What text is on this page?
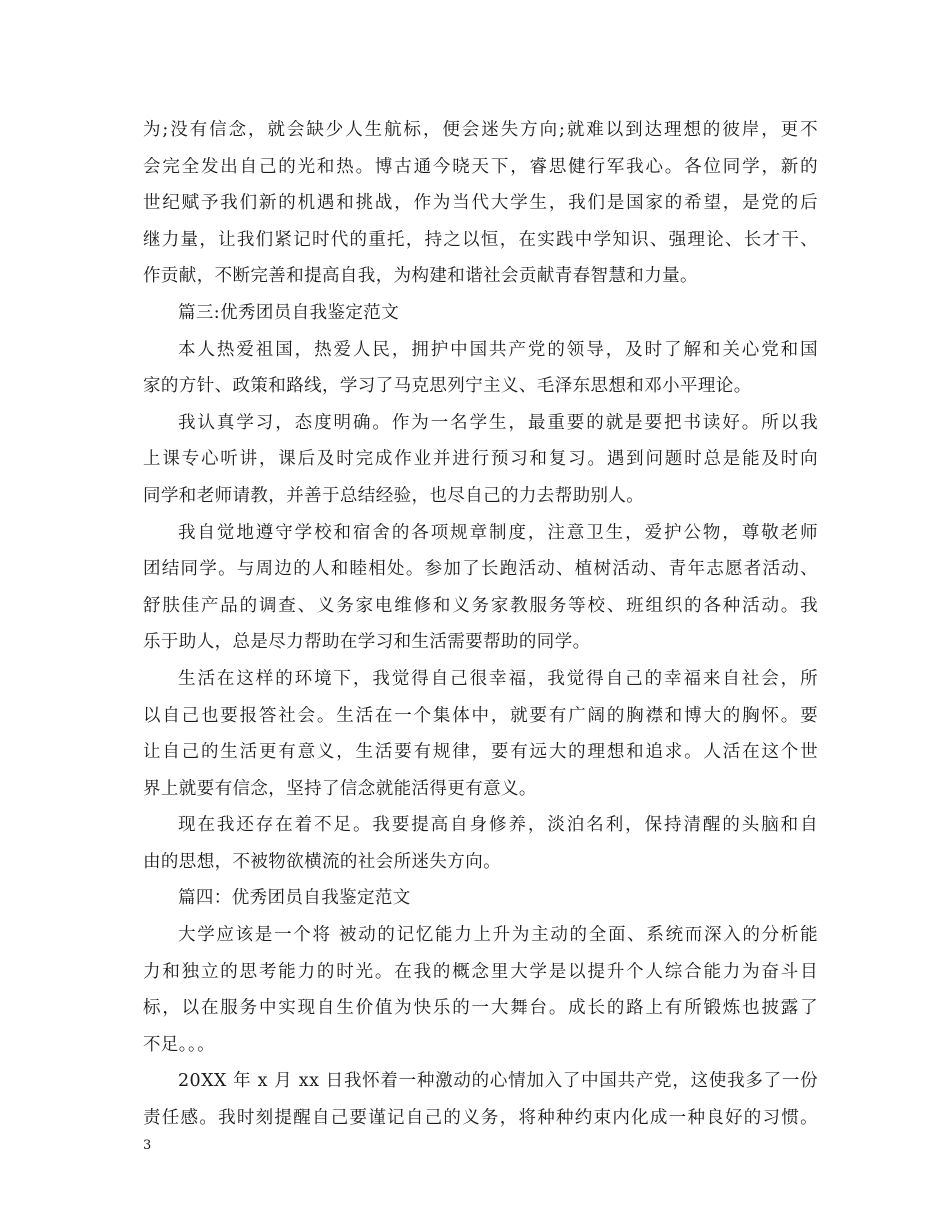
为;没有信念，就会缺少人生航标，便会迷失方向;就难以到达理想的彼岸，更不
会完全发出自己的光和热。博古通今晓天下，睿思健行军我心。各位同学，新的
世纪赋予我们新的机遇和挑战，作为当代大学生，我们是国家的希望，是党的后
继力量，让我们紧记时代的重托，持之以恒，在实践中学知识、强理论、长才干、
作贡献，不断完善和提高自我，为构建和谐社会贡献青春智慧和力量。
篇三:优秀团员自我鉴定范文
本人热爱祖国，热爱人民，拥护中国共产党的领导，及时了解和关心党和国
家的方针、政策和路线，学习了马克思列宁主义、毛泽东思想和邓小平理论。
我认真学习，态度明确。作为一名学生，最重要的就是要把书读好。所以我
上课专心听讲，课后及时完成作业并进行预习和复习。遇到问题时总是能及时向
同学和老师请教，并善于总结经验，也尽自己的力去帮助别人。
我自觉地遵守学校和宿舍的各项规章制度，注意卫生，爱护公物，尊敬老师
团结同学。与周边的人和睦相处。参加了长跑活动、植树活动、青年志愿者活动、
舒肤佳产品的调查、义务家电维修和义务家教服务等校、班组织的各种活动。我
乐于助人，总是尽力帮助在学习和生活需要帮助的同学。
生活在这样的环境下，我觉得自己很幸福，我觉得自己的幸福来自社会，所
以自己也要报答社会。生活在一个集体中，就要有广阔的胸襟和博大的胸怀。要
让自己的生活更有意义，生活要有规律，要有远大的理想和追求。人活在这个世
界上就要有信念，坚持了信念就能活得更有意义。
现在我还存在着不足。我要提高自身修养，淡泊名利，保持清醒的头脑和自
由的思想，不被物欲横流的社会所迷失方向。
篇四：优秀团员自我鉴定范文
大学应该是一个将 被动的记忆能力上升为主动的全面、系统而深入的分析能
力和独立的思考能力的时光。在我的概念里大学是以提升个人综合能力为奋斗目
标，以在服务中实现自生价值为快乐的一大舞台。成长的路上有所锻炼也披露了
不足。。。
20XX 年 x 月 xx 日我怀着一种激动的心情加入了中国共产党，这使我多了一份
责任感。我时刻提醒自己要谨记自己的义务，将种种约束内化成一种良好的习惯。
3
